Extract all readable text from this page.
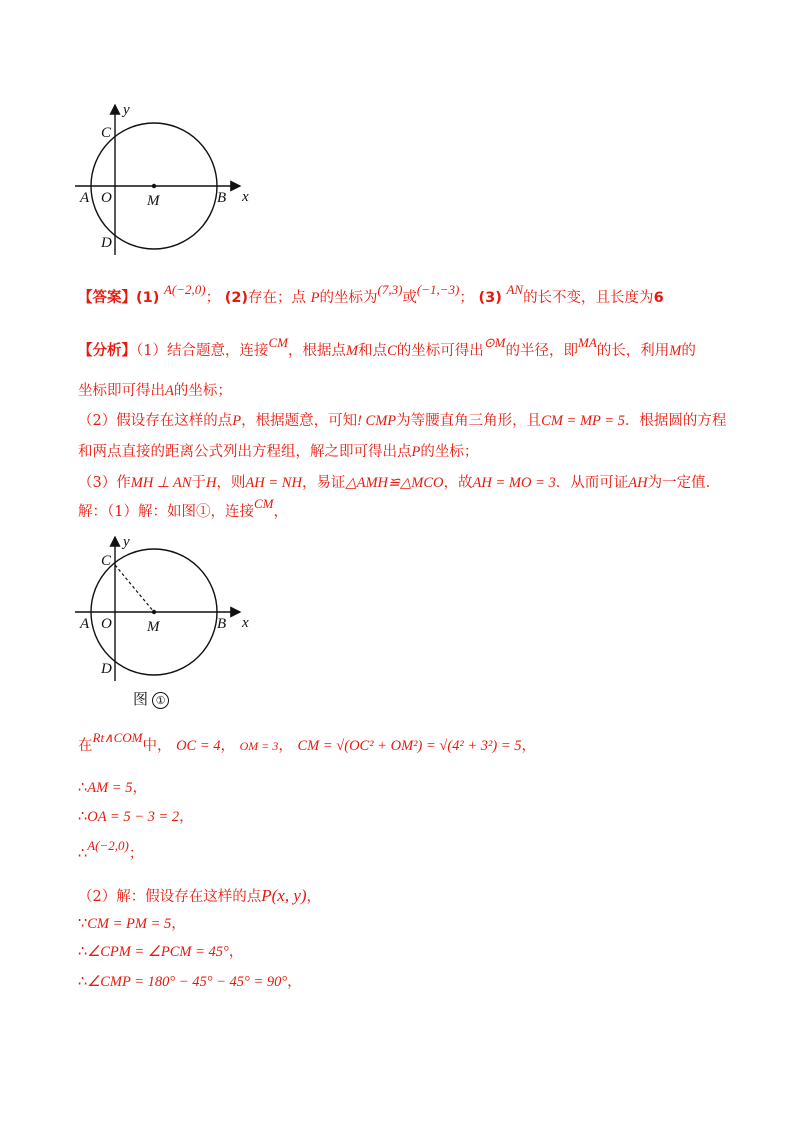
y
x
C
A O M	B
D
【答案】(1) A(−2,0)； (2)存在；点 P的坐标为(7,3)或(−1,−3)； (3) AN的长不变，且长度为6
【分析】（1）结合题意，连接CM，根据点M和点C的坐标可得出⊙M的半径，即MA的长，利用M的
坐标即可得出A的坐标；
（2）假设存在这样的点P，根据题意，可知! CMP为等腰直角三角形，且CM = MP = 5．根据圆的方程
和两点直接的距离公式列出方程组，解之即可得出点P的坐标；
（3）作MH ⊥ AN于H，则AH = NH，易证△AMH≌△MCO，故AH = MO = 3．从而可证AH为一定值．
解：（1）解：如图①，连接CM，
y
x
C
A O M	B
D
图 ①
在Rt∧COM中， OC = 4， OM = 3， CM = √(OC² + OM²) = √(4² + 3²) = 5，
∴AM = 5，
∴OA = 5 − 3 = 2，
∴A(−2,0)；
（2）解：假设存在这样的点P(x, y)，
∵CM = PM = 5，
∴∠CPM = ∠PCM = 45°，
∴∠CMP = 180° − 45° − 45° = 90°，
